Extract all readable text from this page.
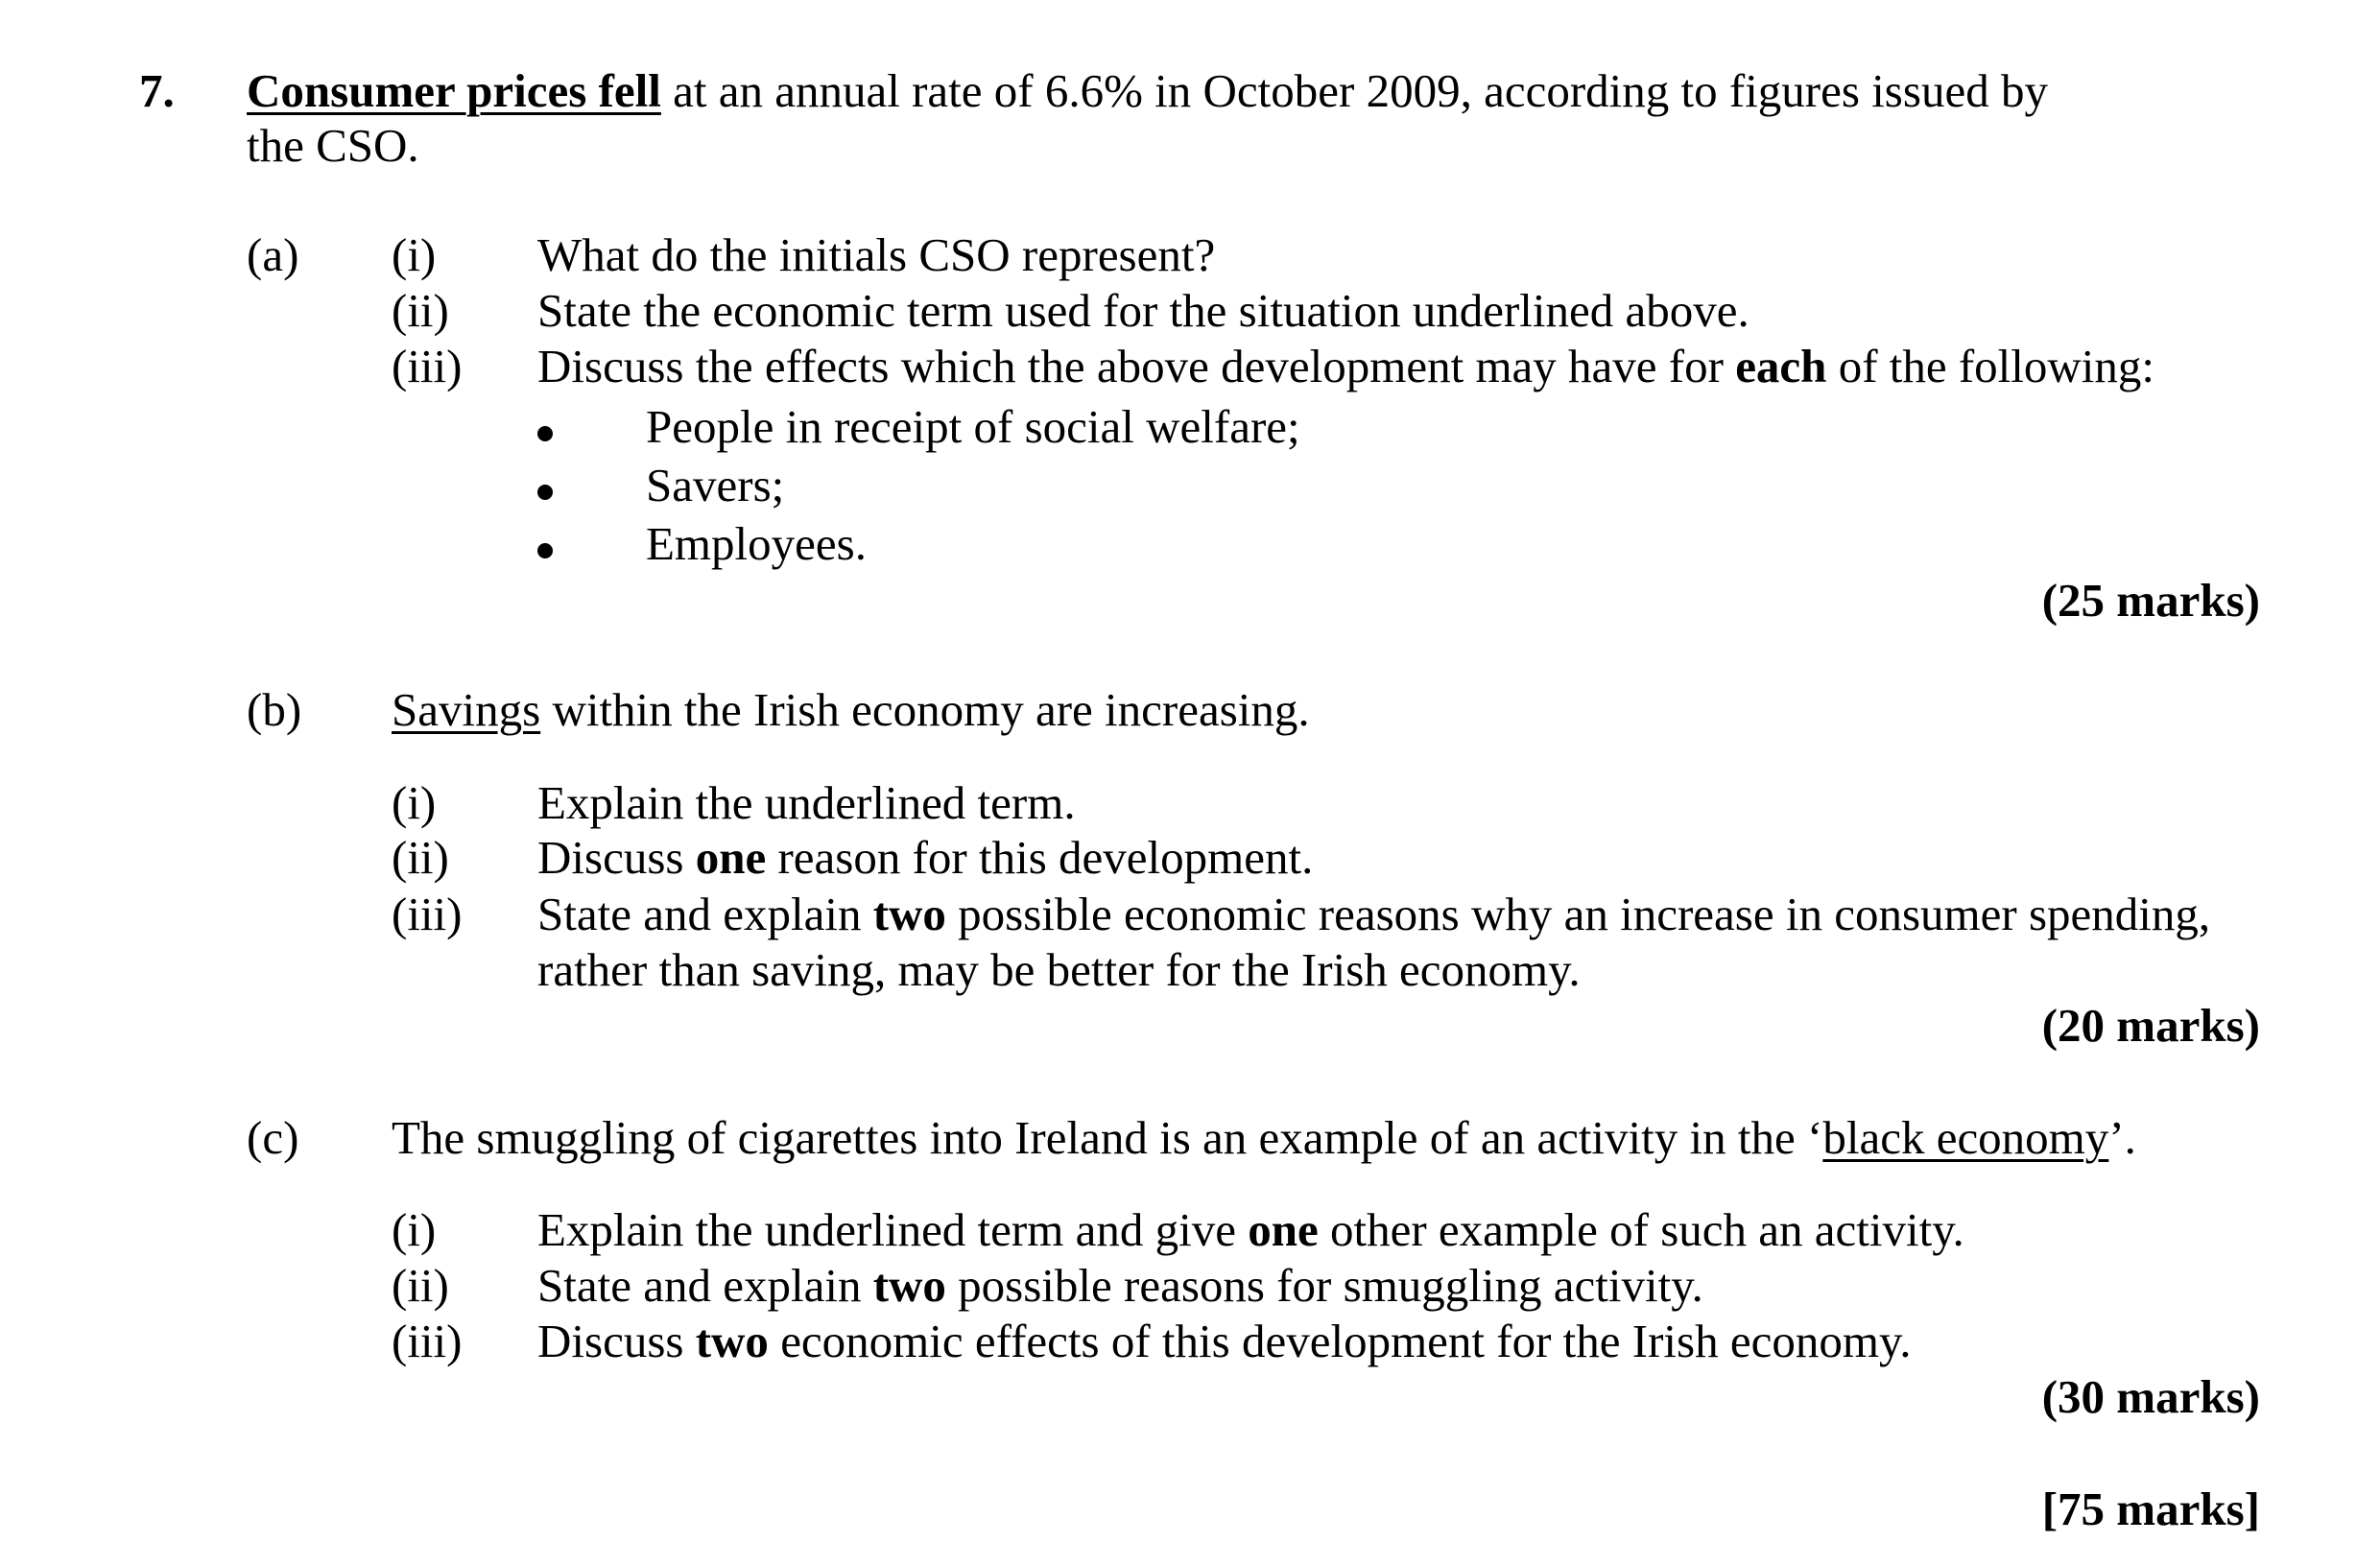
7. Consumer prices fell at an annual rate of 6.6% in October 2009, according to figures issued by
the CSO.
(a) (i) What do the initials CSO represent?
(ii) State the economic term used for the situation underlined above.
(iii) Discuss the effects which the above development may have for each of the following:
People in receipt of social welfare;
Savers;
Employees.
(25 marks)
(b) Savings within the Irish economy are increasing.
(i) Explain the underlined term.
(ii) Discuss one reason for this development.
(iii) State and explain two possible economic reasons why an increase in consumer spending,
rather than saving, may be better for the Irish economy.
(20 marks)
(c) The smuggling of cigarettes into Ireland is an example of an activity in the ‘black economy’.
(i) Explain the underlined term and give one other example of such an activity.
(ii) State and explain two possible reasons for smuggling activity.
(iii) Discuss two economic effects of this development for the Irish economy.
(30 marks)
[75 marks]
